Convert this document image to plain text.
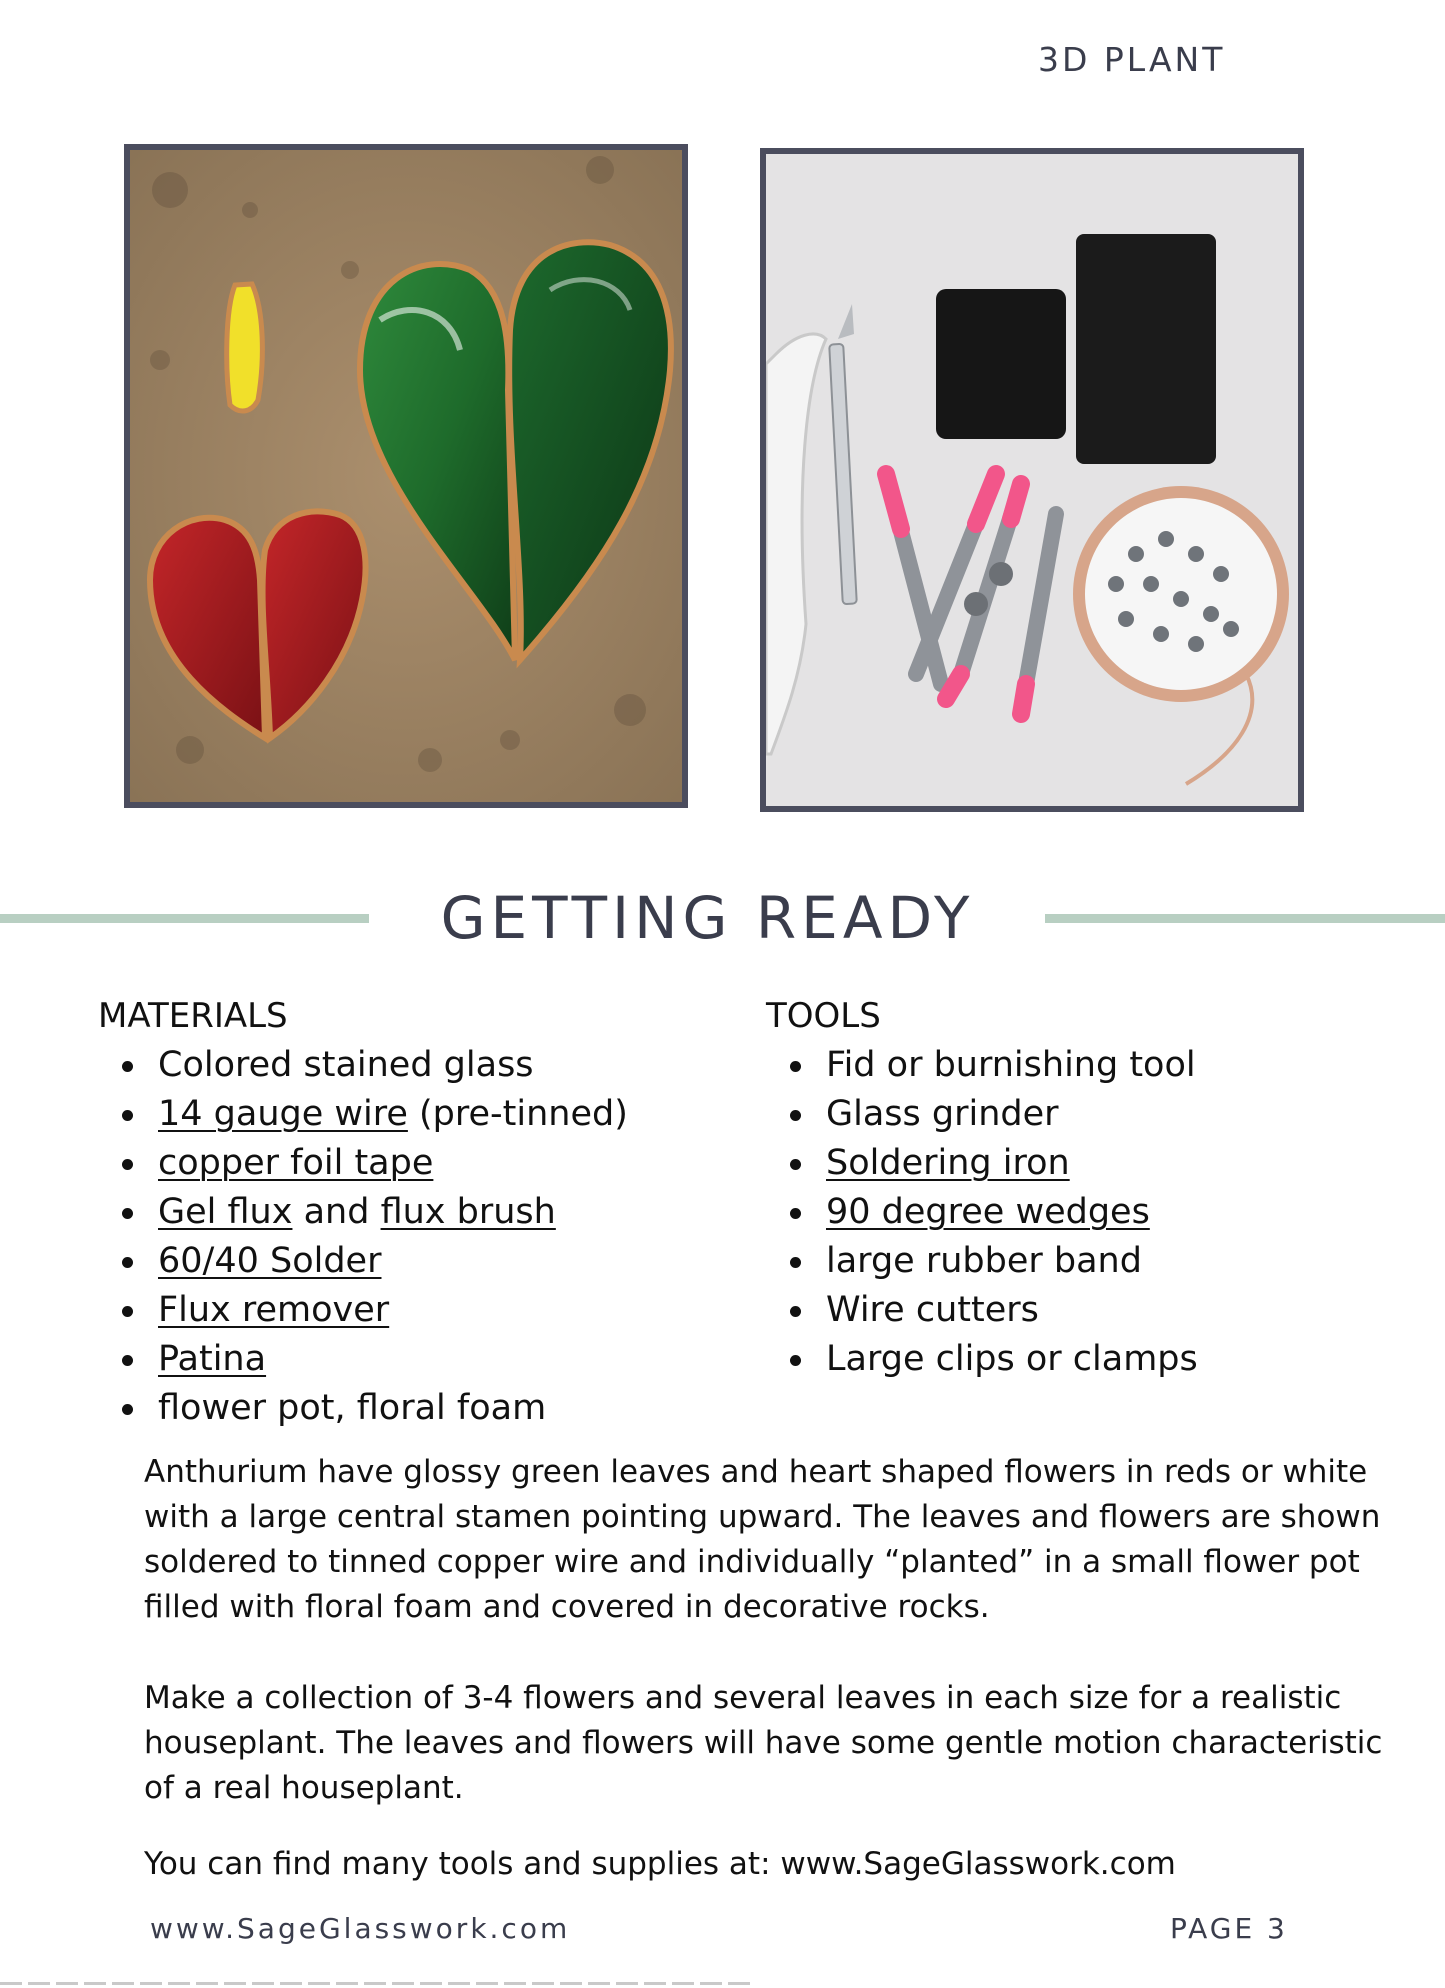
3D PLANT
GETTING READY
MATERIALS
Colored stained glass
14 gauge wire (pre-tinned)
copper foil tape
Gel flux and flux brush
60/40 Solder
Flux remover
Patina
flower pot, floral foam
TOOLS
Fid or burnishing tool
Glass grinder
Soldering iron
90 degree wedges
large rubber band
Wire cutters
Large clips or clamps

Anthurium have glossy green leaves and heart shaped flowers in reds or white with a large central stamen pointing upward. The leaves and flowers are shown soldered to tinned copper wire and individually “planted” in a small flower pot filled with floral foam and covered in decorative rocks.

Make a collection of 3-4 flowers and several leaves in each size for a realistic houseplant. The leaves and flowers will have some gentle motion characteristic of a real houseplant.

You can find many tools and supplies at: www.SageGlasswork.com

www.SageGlasswork.com	PAGE 3
